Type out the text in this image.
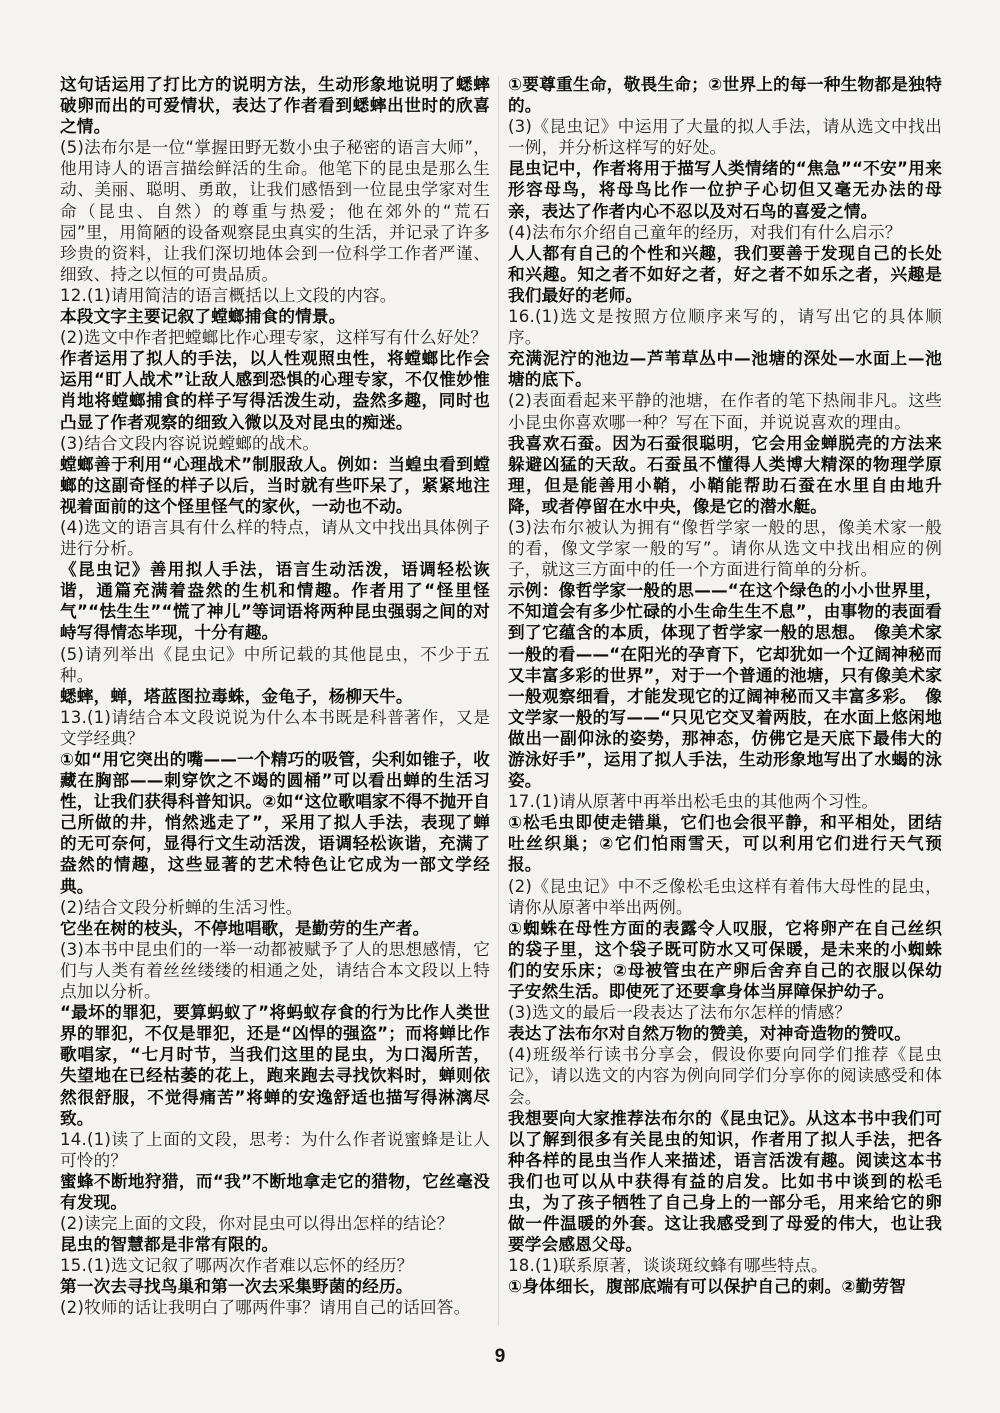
这句话运用了打比方的说明方法，生动形象地说明了蟋蟀破卵而出的可爱情状，表达了作者看到蟋蟀出世时的欣喜之情。

(5)法布尔是一位“掌握田野无数小虫子秘密的语言大师”，他用诗人的语言描绘鲜活的生命。他笔下的昆虫是那么生动、美丽、聪明、勇敢，让我们感悟到一位昆虫学家对生命（昆虫、自然）的尊重与热爱；他在郊外的“荒石园”里，用简陋的设备观察昆虫真实的生活，并记录了许多珍贵的资料，让我们深切地体会到一位科学工作者严谨、细致、持之以恒的可贵品质。

12.(1)请用简洁的语言概括以上文段的内容。

本段文字主要记叙了螳螂捕食的情景。

(2)选文中作者把螳螂比作心理专家，这样写有什么好处？

作者运用了拟人的手法，以人性观照虫性，将螳螂比作会运用“盯人战术”让敌人感到恐惧的心理专家，不仅惟妙惟肖地将螳螂捕食的样子写得活泼生动，盎然多趣，同时也凸显了作者观察的细致入微以及对昆虫的痴迷。

(3)结合文段内容说说螳螂的战术。

螳螂善于利用“心理战术”制服敌人。例如：当蝗虫看到螳螂的这副奇怪的样子以后，当时就有些吓呆了，紧紧地注视着面前的这个怪里怪气的家伙，一动也不动。

(4)选文的语言具有什么样的特点，请从文中找出具体例子进行分析。

《昆虫记》善用拟人手法，语言生动活泼，语调轻松诙谐，通篇充满着盎然的生机和情趣。作者用了“怪里怪气”“怯生生”“慌了神儿”等词语将两种昆虫强弱之间的对峙写得情态毕现，十分有趣。

(5)请列举出《昆虫记》中所记载的其他昆虫，不少于五种。

蟋蟀，蝉，塔蓝图拉毒蛛，金龟子，杨柳天牛。

13.(1)请结合本文段说说为什么本书既是科普著作，又是文学经典？

①如“用它突出的嘴——一个精巧的吸管，尖利如锥子，收藏在胸部——刺穿饮之不竭的圆桶”可以看出蝉的生活习性，让我们获得科普知识。②如“这位歌唱家不得不抛开自己所做的井，悄然逃走了”，采用了拟人手法，表现了蝉的无可奈何，显得行文生动活泼，语调轻松诙谐，充满了盎然的情趣，这些显著的艺术特色让它成为一部文学经典。

(2)结合文段分析蝉的生活习性。

它坐在树的枝头，不停地唱歌，是勤劳的生产者。

(3)本书中昆虫们的一举一动都被赋予了人的思想感情，它们与人类有着丝丝缕缕的相通之处，请结合本文段以上特点加以分析。

“最坏的罪犯，要算蚂蚁了”将蚂蚁存食的行为比作人类世界的罪犯，不仅是罪犯，还是“凶悍的强盗”；而将蝉比作歌唱家，“七月时节，当我们这里的昆虫，为口渴所苦，失望地在已经枯萎的花上，跑来跑去寻找饮料时，蝉则依然很舒服，不觉得痛苦”将蝉的安逸舒适也描写得淋漓尽致。

14.(1)读了上面的文段，思考：为什么作者说蜜蜂是让人可怜的？

蜜蜂不断地狩猎，而“我”不断地拿走它的猎物，它丝毫没有发现。

(2)读完上面的文段，你对昆虫可以得出怎样的结论？

昆虫的智慧都是非常有限的。

15.(1)选文记叙了哪两次作者难以忘怀的经历？

第一次去寻找鸟巢和第一次去采集野菌的经历。

(2)牧师的话让我明白了哪两件事？请用自己的话回答。

①要尊重生命，敬畏生命；②世界上的每一种生物都是独特的。

(3)《昆虫记》中运用了大量的拟人手法，请从选文中找出一例，并分析这样写的好处。

昆虫记中，作者将用于描写人类情绪的“焦急”“不安”用来形容母鸟，将母鸟比作一位护子心切但又毫无办法的母亲，表达了作者内心不忍以及对石鸟的喜爱之情。

(4)法布尔介绍自己童年的经历，对我们有什么启示？

人人都有自己的个性和兴趣，我们要善于发现自己的长处和兴趣。知之者不如好之者，好之者不如乐之者，兴趣是我们最好的老师。

16.(1)选文是按照方位顺序来写的，请写出它的具体顺序。

充满泥泞的池边—芦苇草丛中—池塘的深处—水面上—池塘的底下。

(2)表面看起来平静的池塘，在作者的笔下热闹非凡。这些小昆虫你喜欢哪一种？写在下面，并说说喜欢的理由。

我喜欢石蚕。因为石蚕很聪明，它会用金蝉脱壳的方法来躲避凶猛的天敌。石蚕虽不懂得人类博大精深的物理学原理，但是能善用小鞘，小鞘能帮助石蚕在水里自由地升降，或者停留在水中央，像是它的潜水艇。

(3)法布尔被认为拥有“像哲学家一般的思，像美术家一般的看，像文学家一般的写”。请你从选文中找出相应的例子，就这三方面中的任一个方面进行简单的分析。

示例：像哲学家一般的思——“在这个绿色的小小世界里，不知道会有多少忙碌的小生命生生不息”，由事物的表面看到了它蕴含的本质，体现了哲学家一般的思想。　像美术家一般的看——“在阳光的孕育下，它却犹如一个辽阔神秘而又丰富多彩的世界”，对于一个普通的池塘，只有像美术家一般观察细看，才能发现它的辽阔神秘而又丰富多彩。　像文学家一般的写——“只见它交叉着两肢，在水面上悠闲地做出一副仰泳的姿势，那神态，仿佛它是天底下最伟大的游泳好手”，运用了拟人手法，生动形象地写出了水蝎的泳姿。

17.(1)请从原著中再举出松毛虫的其他两个习性。

①松毛虫即使走错巢，它们也会很平静，和平相处，团结吐丝织巢；②它们怕雨雪天，可以利用它们进行天气预报。

(2)《昆虫记》中不乏像松毛虫这样有着伟大母性的昆虫，请你从原著中举出两例。

①蜘蛛在母性方面的表露令人叹服，它将卵产在自己丝织的袋子里，这个袋子既可防水又可保暖，是未来的小蜘蛛们的安乐床；②母被管虫在产卵后舍弃自己的衣服以保幼子安然生活。即使死了还要拿身体当屏障保护幼子。

(3)选文的最后一段表达了法布尔怎样的情感？

表达了法布尔对自然万物的赞美，对神奇造物的赞叹。

(4)班级举行读书分享会，假设你要向同学们推荐《昆虫记》，请以选文的内容为例向同学们分享你的阅读感受和体会。

我想要向大家推荐法布尔的《昆虫记》。从这本书中我们可以了解到很多有关昆虫的知识，作者用了拟人手法，把各种各样的昆虫当作人来描述，语言活泼有趣。阅读这本书我们也可以从中获得有益的启发。比如书中谈到的松毛虫，为了孩子牺牲了自己身上的一部分毛，用来给它的卵做一件温暖的外套。这让我感受到了母爱的伟大，也让我要学会感恩父母。

18.(1)联系原著，谈谈斑纹蜂有哪些特点。

①身体细长，腹部底端有可以保护自己的刺。②勤劳智

9
